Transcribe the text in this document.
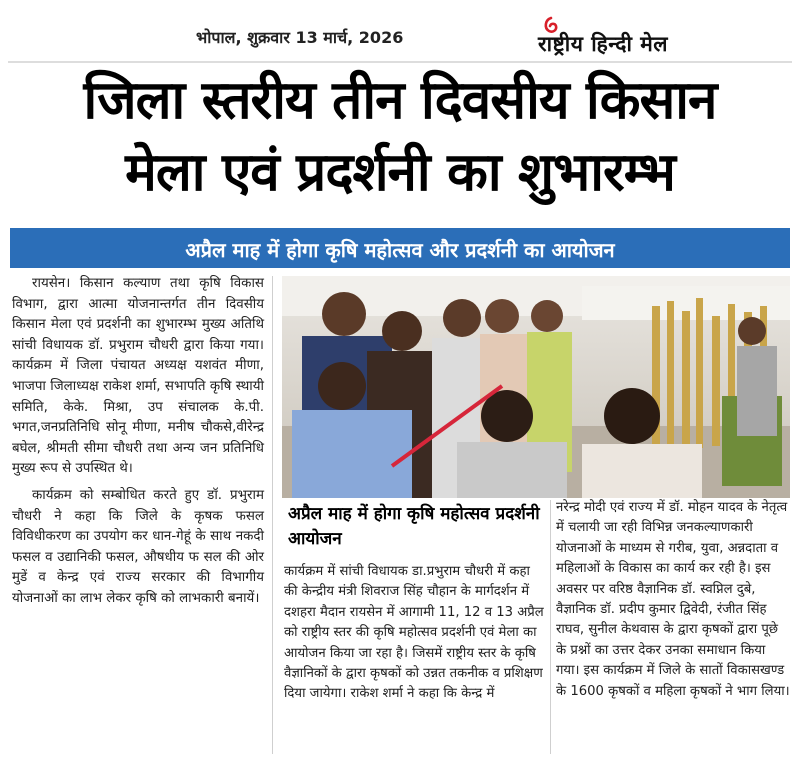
भोपाल, शुक्रवार 13 मार्च, 2026	राष्ट्रीय हिन्दी मेल
जिला स्तरीय तीन दिवसीय किसान
मेला एवं प्रदर्शनी का शुभारम्भ
अप्रैल माह में होगा कृषि महोत्सव और प्रदर्शनी का आयोजन

रायसेन। किसान कल्याण तथा कृषि विकास विभाग, द्वारा आत्मा योजनान्तर्गत तीन दिवसीय किसान मेला एवं प्रदर्शनी का शुभारम्भ मुख्य अतिथि सांची विधायक डॉ. प्रभुराम चौधरी द्वारा किया गया। कार्यक्रम में जिला पंचायत अध्यक्ष यशवंत मीणा, भाजपा जिलाध्यक्ष राकेश शर्मा, सभापति कृषि स्थायी समिति, केके. मिश्रा, उप संचालक के.पी. भगत,जनप्रतिनिधि सोनू मीणा, मनीष चौकसे,वीरेन्द्र बघेल, श्रीमती सीमा चौधरी तथा अन्य जन प्रतिनिधि मुख्य रूप से उपस्थित थे।

कार्यक्रम को सम्बोधित करते हुए डॉ. प्रभुराम चौधरी ने कहा कि जिले के कृषक फसल विविधीकरण का उपयोग कर धान-गेहूं के साथ नकदी फसल व उद्यानिकी फसल, औषधीय फ सल की ओर मुडें व केन्द्र एवं राज्य सरकार की विभागीय योजनाओं का लाभ लेकर कृषि को लाभकारी बनायें।

अप्रैल माह में होगा कृषि महोत्सव प्रदर्शनी आयोजन
कार्यक्रम में सांची विधायक डा.प्रभुराम चौधरी में कहा की केन्द्रीय मंत्री शिवराज सिंह चौहान के मार्गदर्शन में दशहरा मैदान रायसेन में आगामी 11, 12 व 13 अप्रैल को राष्ट्रीय स्तर की कृषि महोत्सव प्रदर्शनी एवं मेला का आयोजन किया जा रहा है। जिसमें राष्ट्रीय स्तर के कृषि वैज्ञानिकों के द्वारा कृषकों को उन्नत तकनीक व प्रशिक्षण दिया जायेगा। राकेश शर्मा ने कहा कि केन्द्र में
नरेन्द्र मोदी एवं राज्य में डॉ. मोहन यादव के नेतृत्व में चलायी जा रही विभिन्न जनकल्याणकारी योजनाओं के माध्यम से गरीब, युवा, अन्नदाता व महिलाओं के विकास का कार्य कर रही है। इस अवसर पर वरिष्ठ वैज्ञानिक डॉ. स्वप्निल दुबे, वैज्ञानिक डॉ. प्रदीप कुमार द्विवेदी, रंजीत सिंह राघव, सुनील केथवास के द्वारा कृषकों द्वारा पूछे के प्रश्नों का उत्तर देकर उनका समाधान किया गया। इस कार्यक्रम में जिले के सातों विकासखण्ड के 1600 कृषकों व महिला कृषकों ने भाग लिया।
